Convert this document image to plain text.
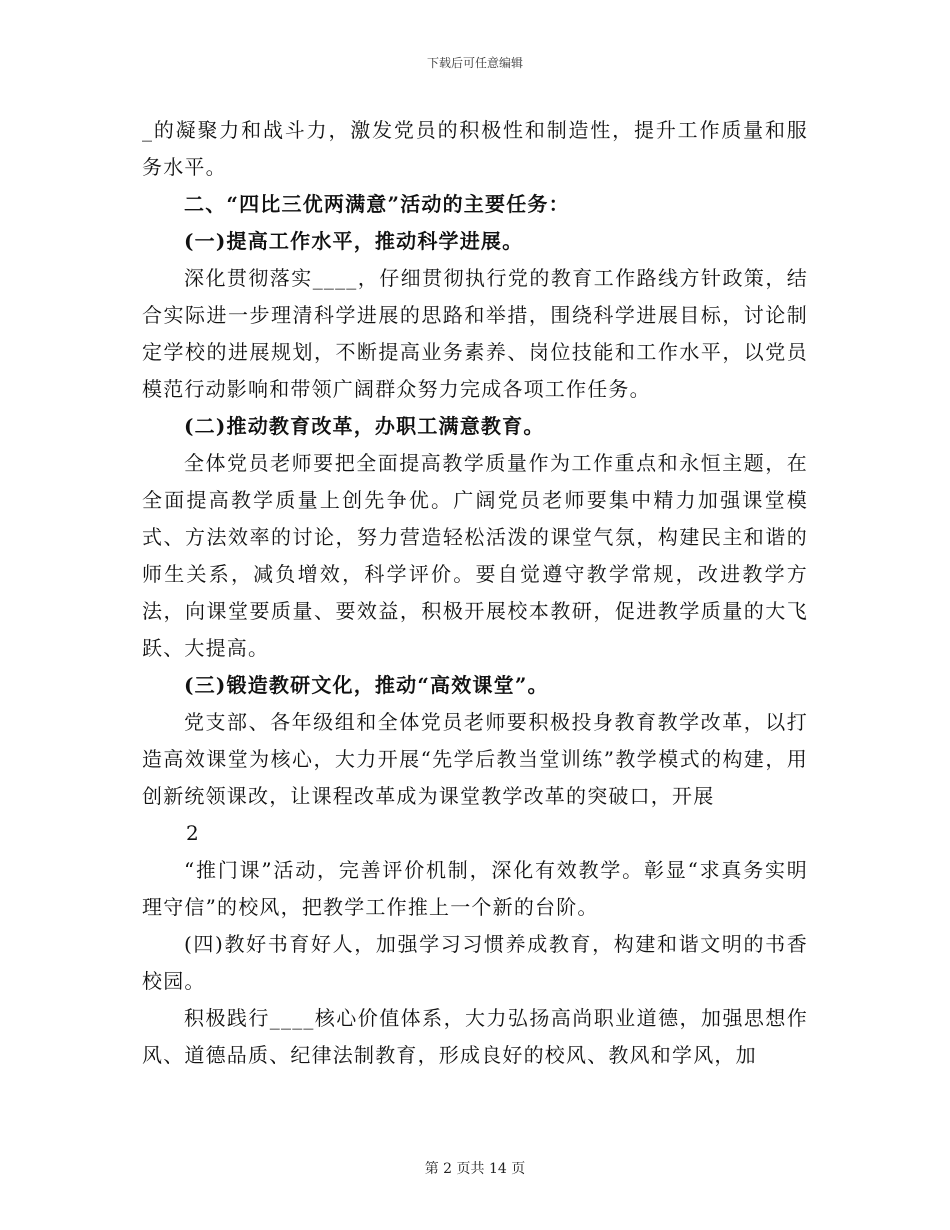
下载后可任意编辑

_的凝聚力和战斗力，激发党员的积极性和制造性，提升工作质量和服务水平。

二、“四比三优两满意”活动的主要任务：

(一)提高工作水平，推动科学进展。

深化贯彻落实____，仔细贯彻执行党的教育工作路线方针政策，结合实际进一步理清科学进展的思路和举措，围绕科学进展目标，讨论制定学校的进展规划，不断提高业务素养、岗位技能和工作水平，以党员模范行动影响和带领广阔群众努力完成各项工作任务。

(二)推动教育改革，办职工满意教育。

全体党员老师要把全面提高教学质量作为工作重点和永恒主题，在全面提高教学质量上创先争优。广阔党员老师要集中精力加强课堂模式、方法效率的讨论，努力营造轻松活泼的课堂气氛，构建民主和谐的师生关系，减负增效，科学评价。要自觉遵守教学常规，改进教学方法，向课堂要质量、要效益，积极开展校本教研，促进教学质量的大飞跃、大提高。

(三)锻造教研文化，推动“高效课堂”。

党支部、各年级组和全体党员老师要积极投身教育教学改革，以打造高效课堂为核心，大力开展“先学后教当堂训练”教学模式的构建，用创新统领课改，让课程改革成为课堂教学改革的突破口，开展

2

“推门课”活动，完善评价机制，深化有效教学。彰显“求真务实明理守信”的校风，把教学工作推上一个新的台阶。

(四)教好书育好人，加强学习习惯养成教育，构建和谐文明的书香校园。

积极践行____核心价值体系，大力弘扬高尚职业道德，加强思想作风、道德品质、纪律法制教育，形成良好的校风、教风和学风，加

第 2 页共 14 页
